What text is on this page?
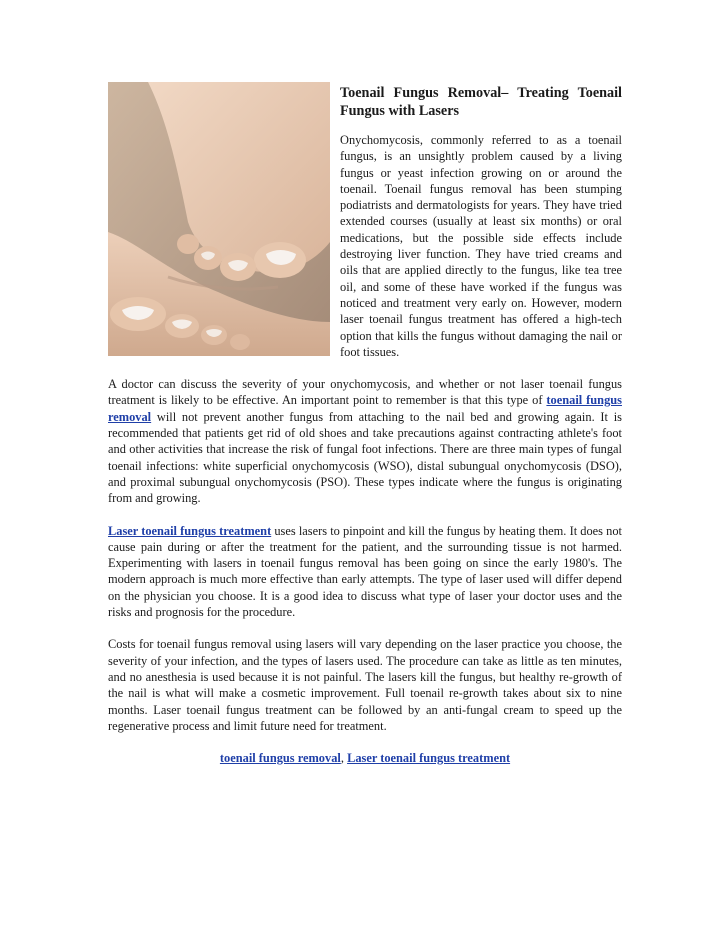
Toenail Fungus Removal– Treating Toenail Fungus with Lasers

Onychomycosis, commonly referred to as a toenail fungus, is an unsightly problem caused by a living fungus or yeast infection growing on or around the toenail. Toenail fungus removal has been stumping podiatrists and dermatologists for years. They have tried extended courses (usually at least six months) or oral medications, but the possible side effects include destroying liver function. They have tried creams and oils that are applied directly to the fungus, like tea tree oil, and some of these have worked if the fungus was noticed and treatment very early on. However, modern laser toenail fungus treatment has offered a high-tech option that kills the fungus without damaging the nail or foot tissues.

A doctor can discuss the severity of your onychomycosis, and whether or not laser toenail fungus treatment is likely to be effective. An important point to remember is that this type of toenail fungus removal will not prevent another fungus from attaching to the nail bed and growing again. It is recommended that patients get rid of old shoes and take precautions against contracting athlete's foot and other activities that increase the risk of fungal foot infections. There are three main types of fungal toenail infections: white superficial onychomycosis (WSO), distal subungual onychomycosis (DSO), and proximal subungual onychomycosis (PSO). These types indicate where the fungus is originating from and growing.

Laser toenail fungus treatment uses lasers to pinpoint and kill the fungus by heating them. It does not cause pain during or after the treatment for the patient, and the surrounding tissue is not harmed. Experimenting with lasers in toenail fungus removal has been going on since the early 1980's. The modern approach is much more effective than early attempts. The type of laser used will differ depend on the physician you choose. It is a good idea to discuss what type of laser your doctor uses and the risks and prognosis for the procedure.

Costs for toenail fungus removal using lasers will vary depending on the laser practice you choose, the severity of your infection, and the types of lasers used. The procedure can take as little as ten minutes, and no anesthesia is used because it is not painful. The lasers kill the fungus, but healthy re-growth of the nail is what will make a cosmetic improvement. Full toenail re-growth takes about six to nine months. Laser toenail fungus treatment can be followed by an anti-fungal cream to speed up the regenerative process and limit future need for treatment.

toenail fungus removal, Laser toenail fungus treatment
